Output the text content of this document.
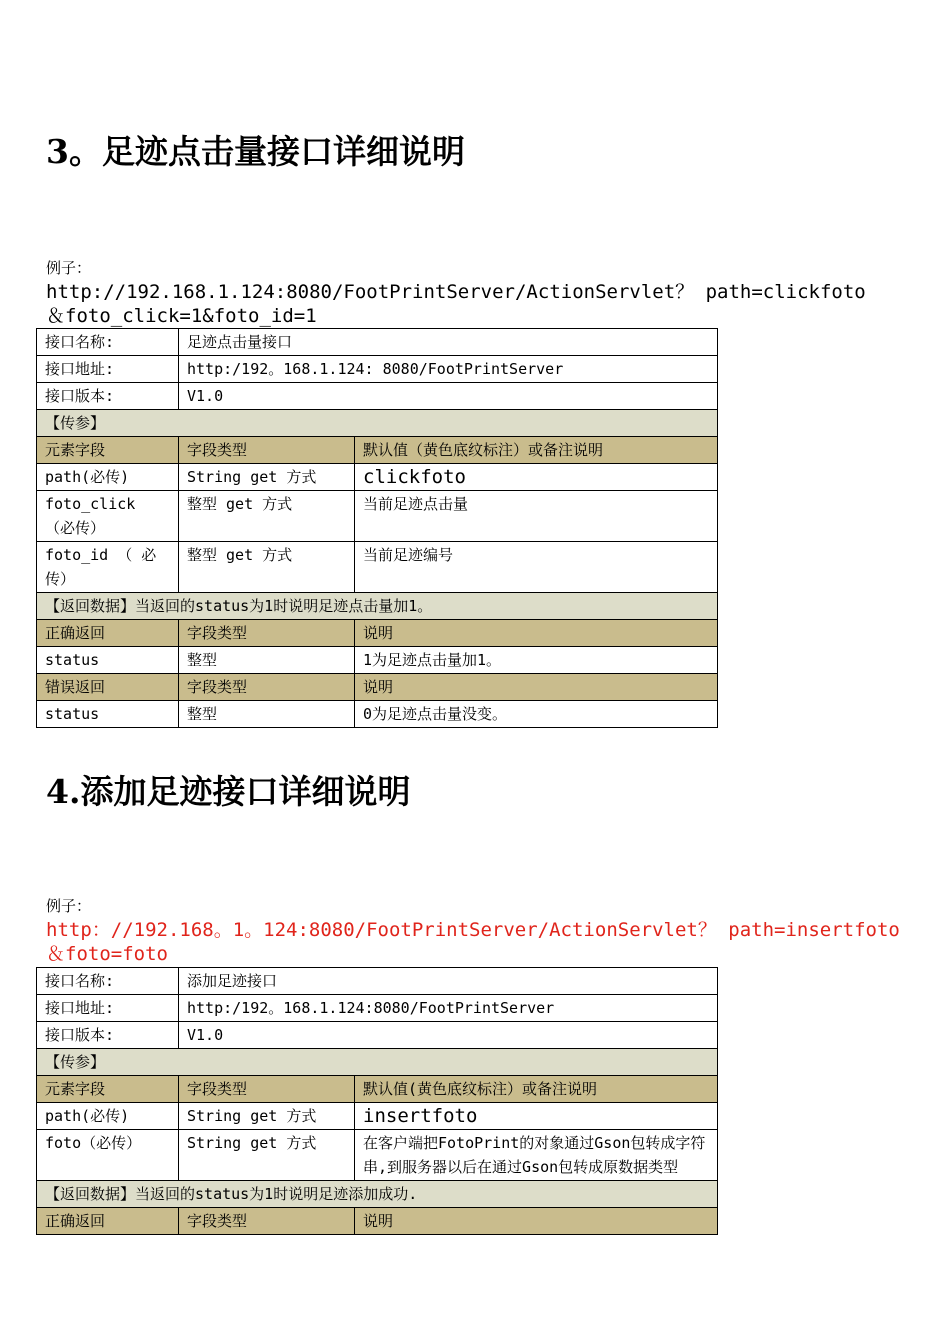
3。足迹点击量接口详细说明
例子：
http://192.168.1.124:8080/FootPrintServer/ActionServlet？ path=clickfoto
＆foto_click=1&foto_id=1
接口名称:	足迹点击量接口	
接口地址:	http:/192。168.1.124: 8080/FootPrintServer	
接口版本:	V1.0	
【传参】		
元素字段	字段类型	默认值（黄色底纹标注）或备注说明
path(必传)	String get 方式	clickfoto
foto_click （必传）	整型 get 方式	当前足迹点击量
foto_id （ 必传）	整型 get 方式	当前足迹编号
【返回数据】当返回的status为1时说明足迹点击量加1。		
正确返回	字段类型	说明
status	整型	1为足迹点击量加1。
错误返回	字段类型	说明
status	整型	0为足迹点击量没变。
4.添加足迹接口详细说明
例子：
http：//192.168。1。124:8080/FootPrintServer/ActionServlet？ path=insertfoto
＆foto=foto
接口名称:	添加足迹接口	
接口地址:	http:/192。168.1.124:8080/FootPrintServer	
接口版本:	V1.0	
【传参】		
元素字段	字段类型	默认值(黄色底纹标注）或备注说明
path(必传)	String get 方式	insertfoto
foto（必传）	String get 方式	在客户端把FotoPrint的对象通过Gson包转成字符串,到服务器以后在通过Gson包转成原数据类型
【返回数据】当返回的status为1时说明足迹添加成功.		
正确返回	字段类型	说明
